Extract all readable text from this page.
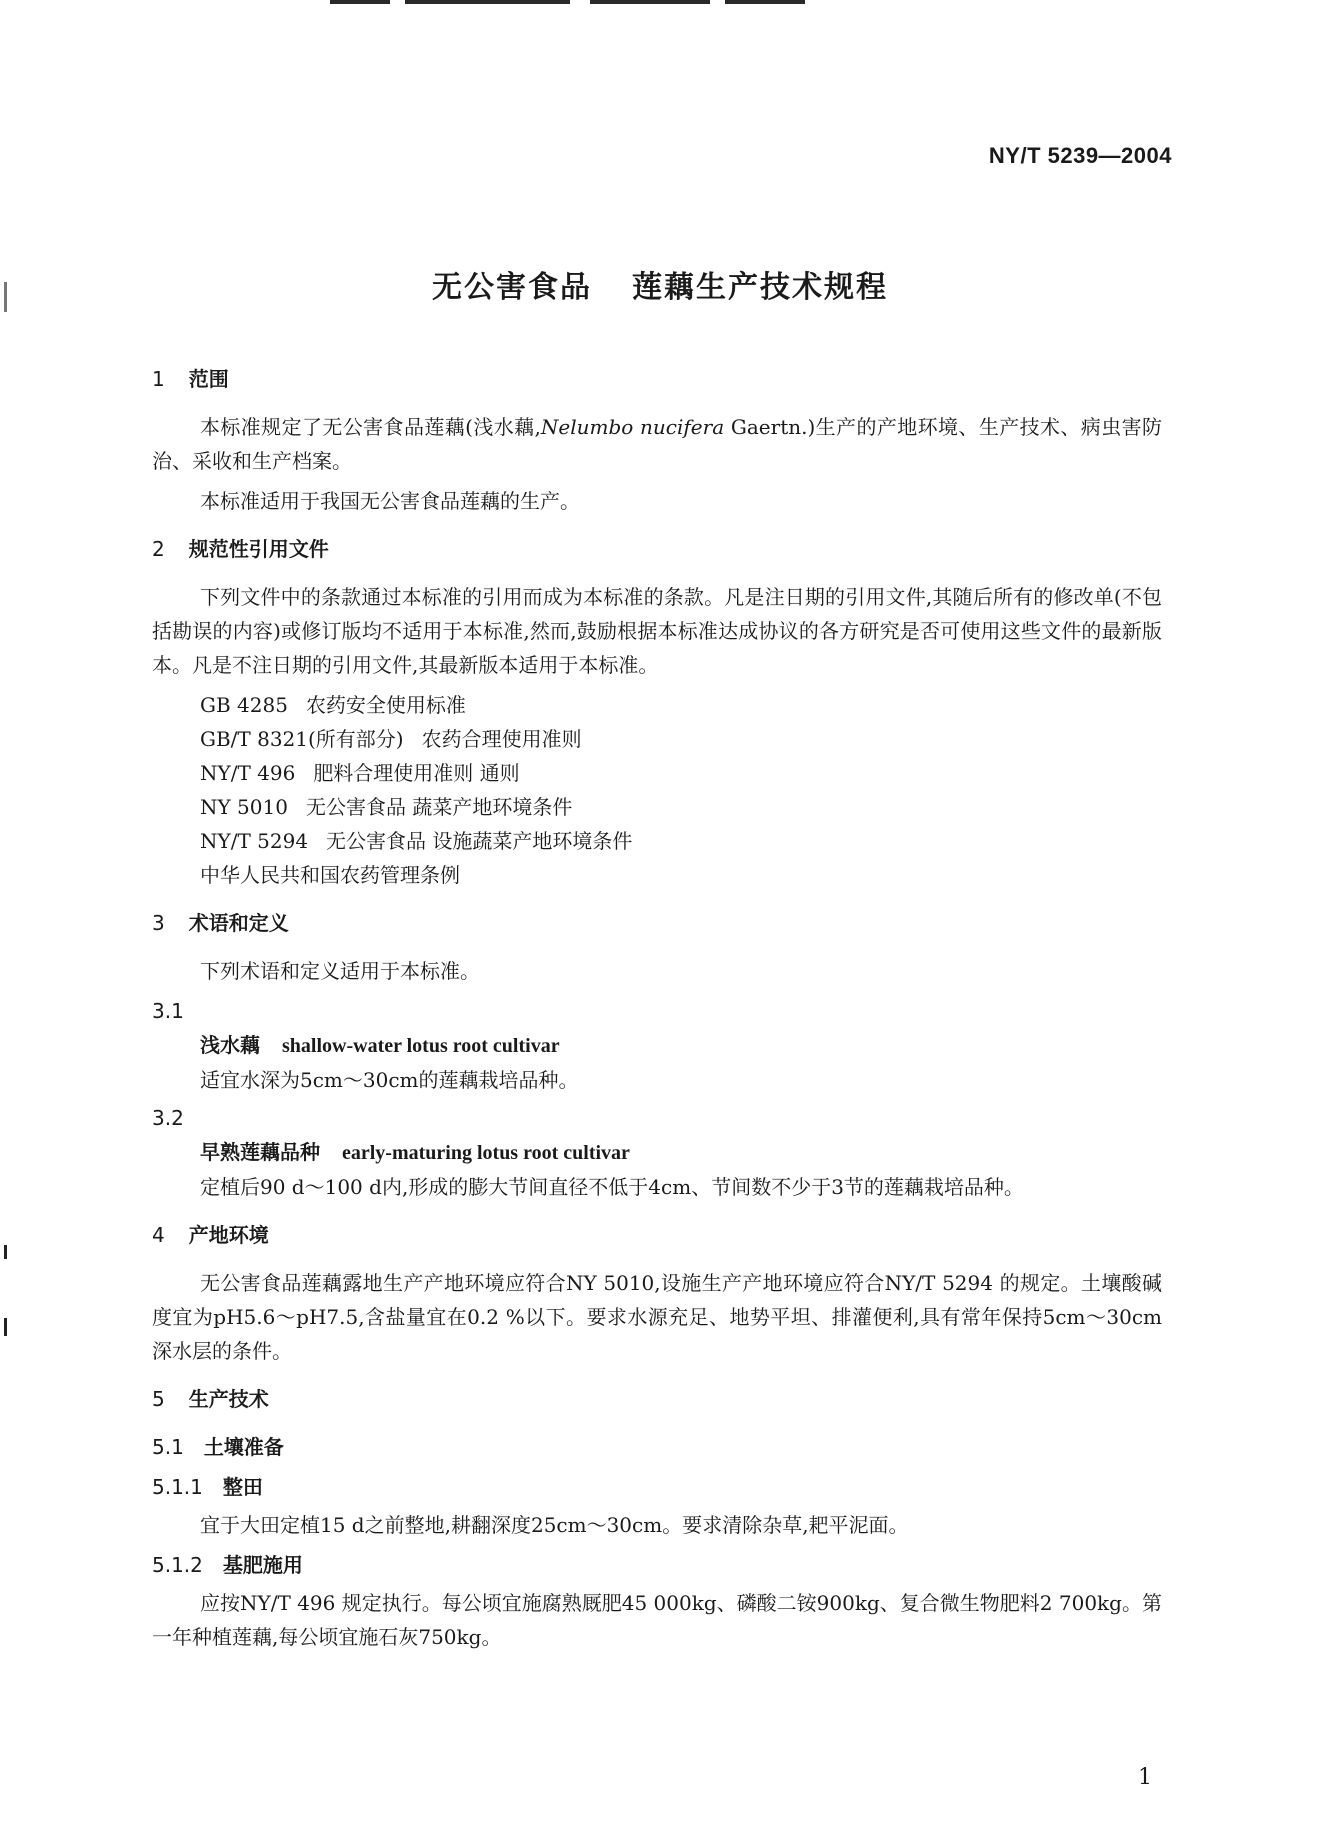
NY/T 5239—2004
无公害食品 莲藕生产技术规程
1 范围
本标准规定了无公害食品莲藕(浅水藕,Nelumbo nucifera Gaertn.)生产的产地环境、生产技术、病虫害防治、采收和生产档案。
本标准适用于我国无公害食品莲藕的生产。
2 规范性引用文件
下列文件中的条款通过本标准的引用而成为本标准的条款。凡是注日期的引用文件,其随后所有的修改单(不包括勘误的内容)或修订版均不适用于本标准,然而,鼓励根据本标准达成协议的各方研究是否可使用这些文件的最新版本。凡是不注日期的引用文件,其最新版本适用于本标准。
GB 4285 农药安全使用标准
GB/T 8321(所有部分) 农药合理使用准则
NY/T 496 肥料合理使用准则 通则
NY 5010 无公害食品 蔬菜产地环境条件
NY/T 5294 无公害食品 设施蔬菜产地环境条件
中华人民共和国农药管理条例
3 术语和定义
下列术语和定义适用于本标准。
3.1
浅水藕 shallow-water lotus root cultivar
适宜水深为5cm～30cm的莲藕栽培品种。
3.2
早熟莲藕品种 early-maturing lotus root cultivar
定植后90 d～100 d内,形成的膨大节间直径不低于4cm、节间数不少于3节的莲藕栽培品种。
4 产地环境
无公害食品莲藕露地生产产地环境应符合NY 5010,设施生产产地环境应符合NY/T 5294 的规定。土壤酸碱度宜为pH5.6～pH7.5,含盐量宜在0.2 %以下。要求水源充足、地势平坦、排灌便利,具有常年保持5cm～30cm深水层的条件。
5 生产技术
5.1 土壤准备
5.1.1 整田
宜于大田定植15 d之前整地,耕翻深度25cm～30cm。要求清除杂草,耙平泥面。
5.1.2 基肥施用
应按NY/T 496 规定执行。每公顷宜施腐熟厩肥45 000kg、磷酸二铵900kg、复合微生物肥料2 700kg。第一年种植莲藕,每公顷宜施石灰750kg。
1
